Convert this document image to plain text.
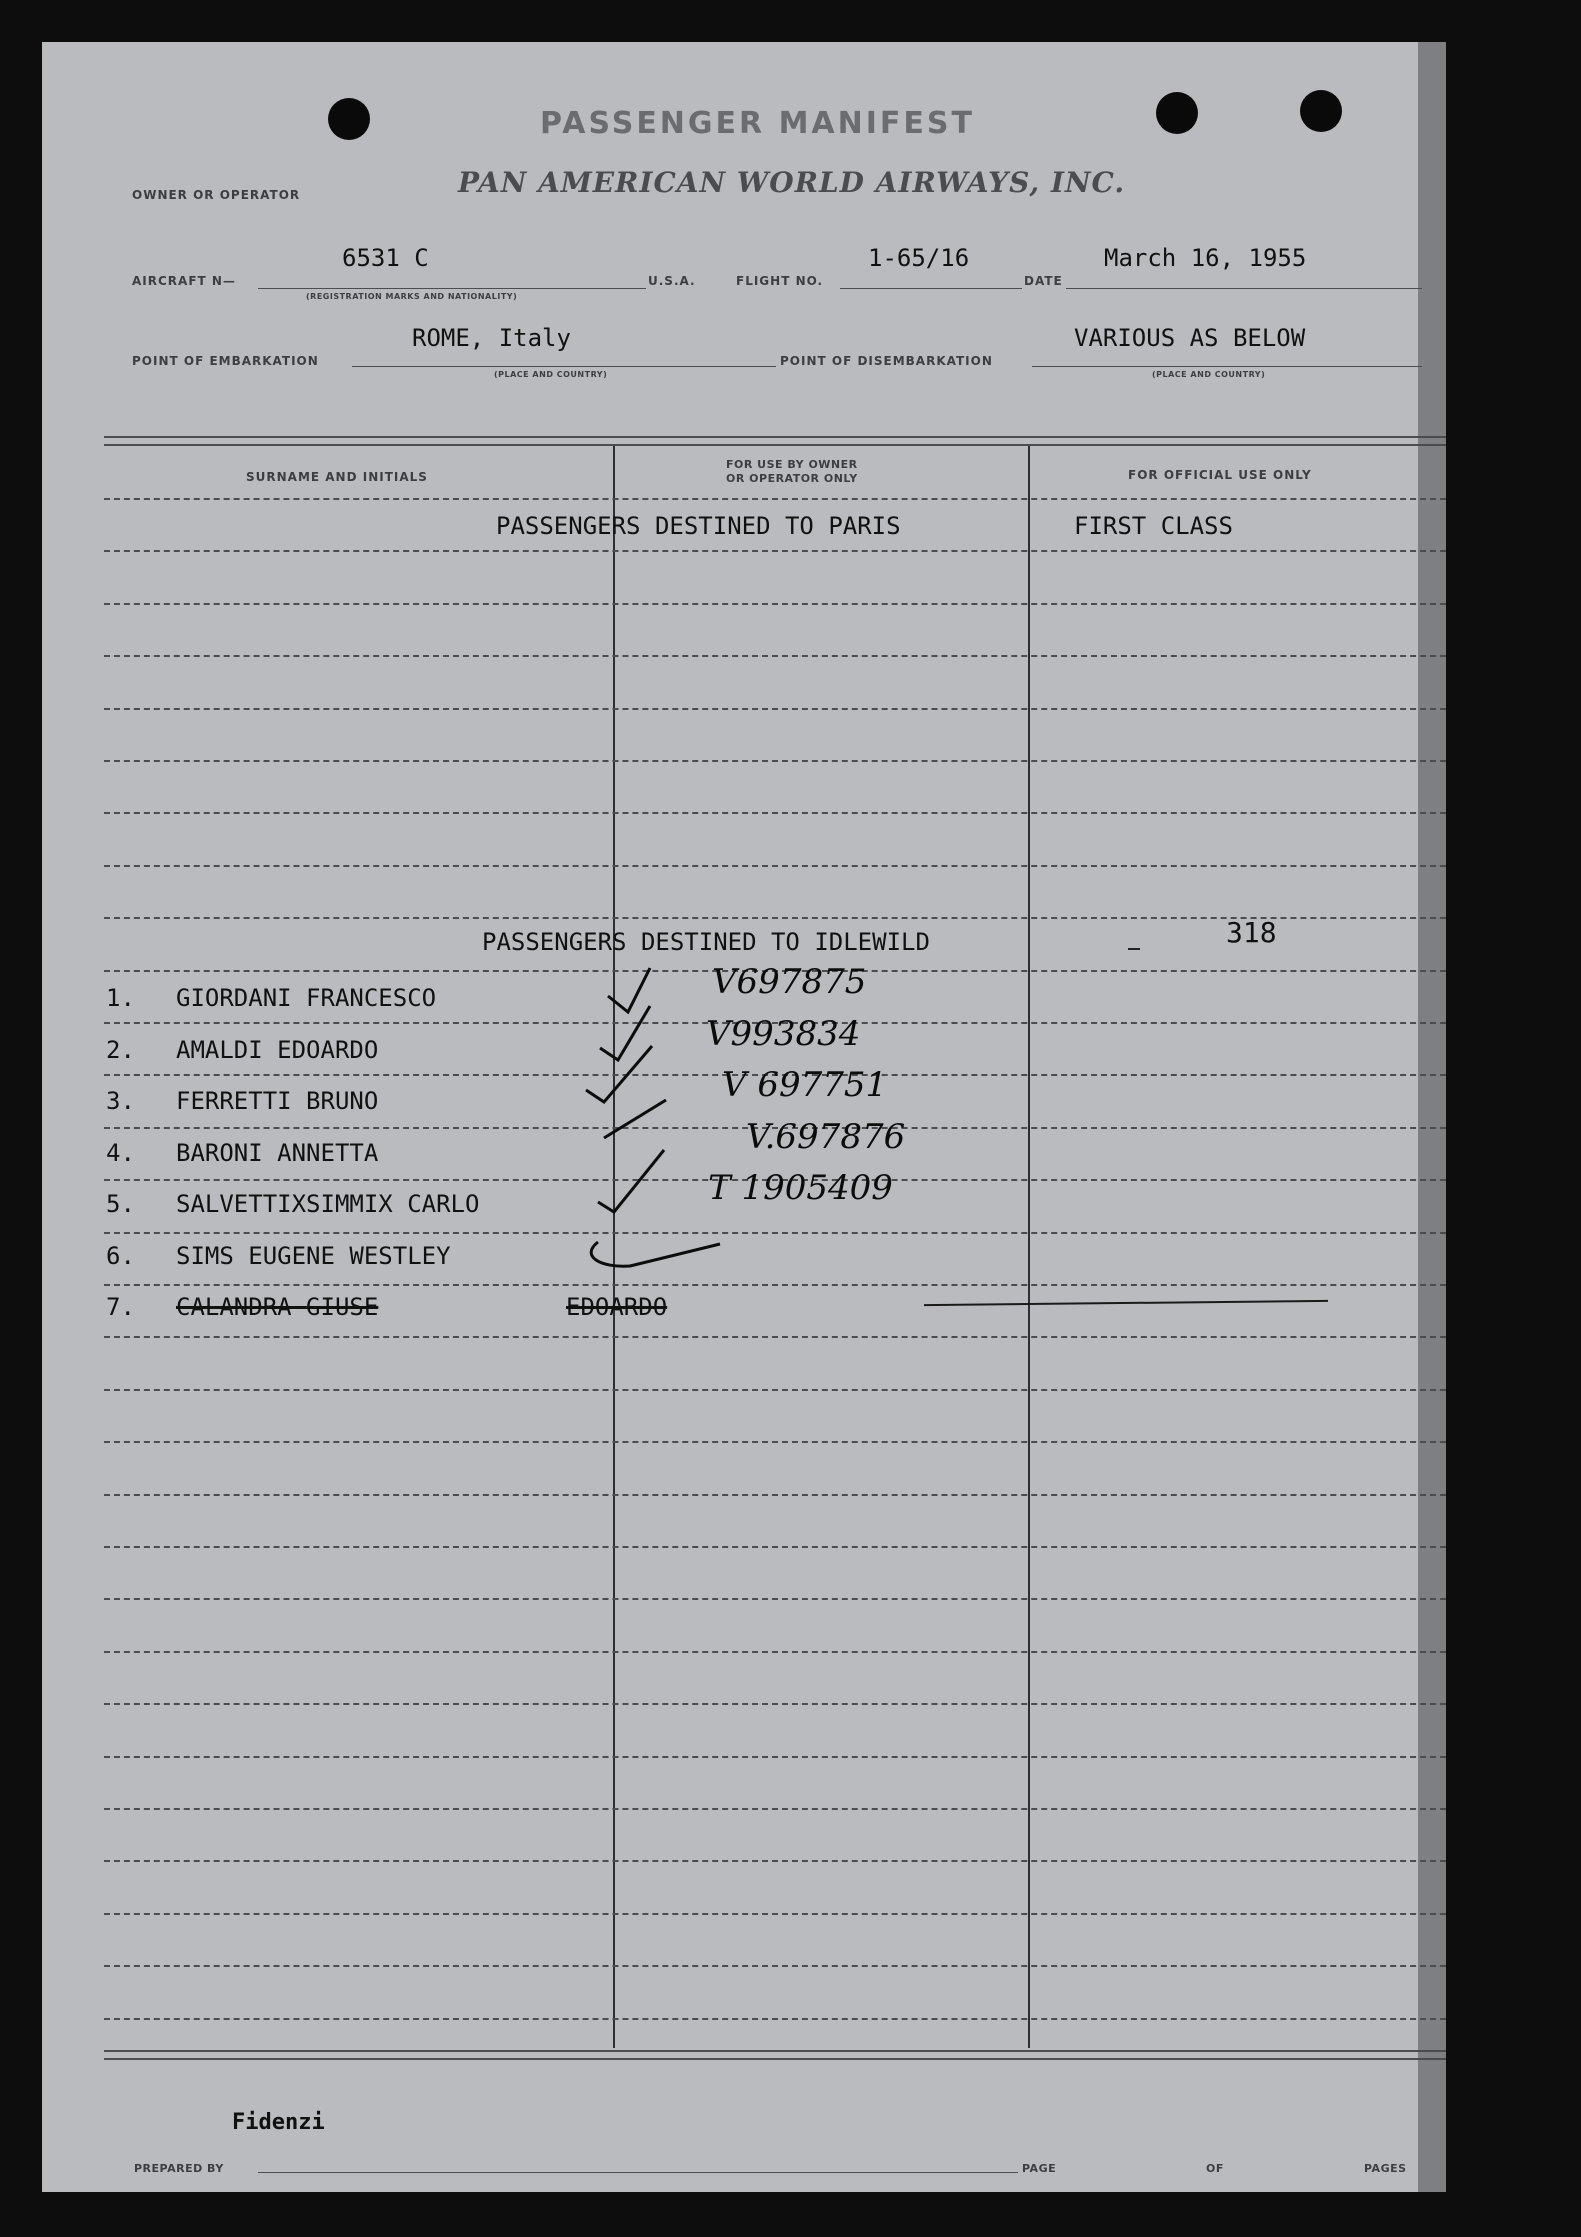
PASSENGER MANIFEST
OWNER OR OPERATOR	PAN AMERICAN WORLD AIRWAYS, INC.
AIRCRAFT N—
6531 C
(REGISTRATION MARKS AND NATIONALITY)
U.S.A.	FLIGHT NO.
1-65/16
DATE
March 16, 1955
POINT OF EMBARKATION
ROME, Italy
(PLACE AND COUNTRY)
POINT OF DISEMBARKATION
VARIOUS AS BELOW
(PLACE AND COUNTRY)
SURNAME AND INITIALS
FOR USE BY OWNER
OR OPERATOR ONLY	FOR OFFICIAL USE ONLY
PASSENGERS DESTINED TO PARIS	FIRST CLASS
PASSENGERS DESTINED TO IDLEWILD	318
1. GIORDANI FRANCESCO	V697875
2. AMALDI EDOARDO	V993834
3. FERRETTI BRUNO	V 697751
4. BARONI ANNETTA	V.697876
5. SALVETTIXSIMMIX CARLO	T 1905409
6. SIMS EUGENE WESTLEY
7. CALANDRA GIUSE	EDOARDO
Fidenzi
PREPARED BY	PAGE	OF	PAGES
